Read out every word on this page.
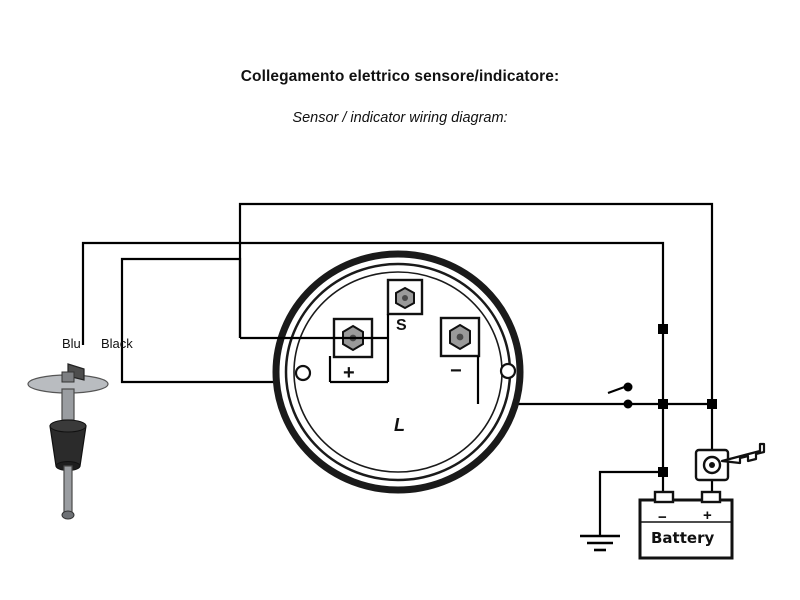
Collegamento elettrico sensore/indicatore:
Sensor / indicator wiring diagram:
Blu Black
S
+	−
L
− +
Battery
